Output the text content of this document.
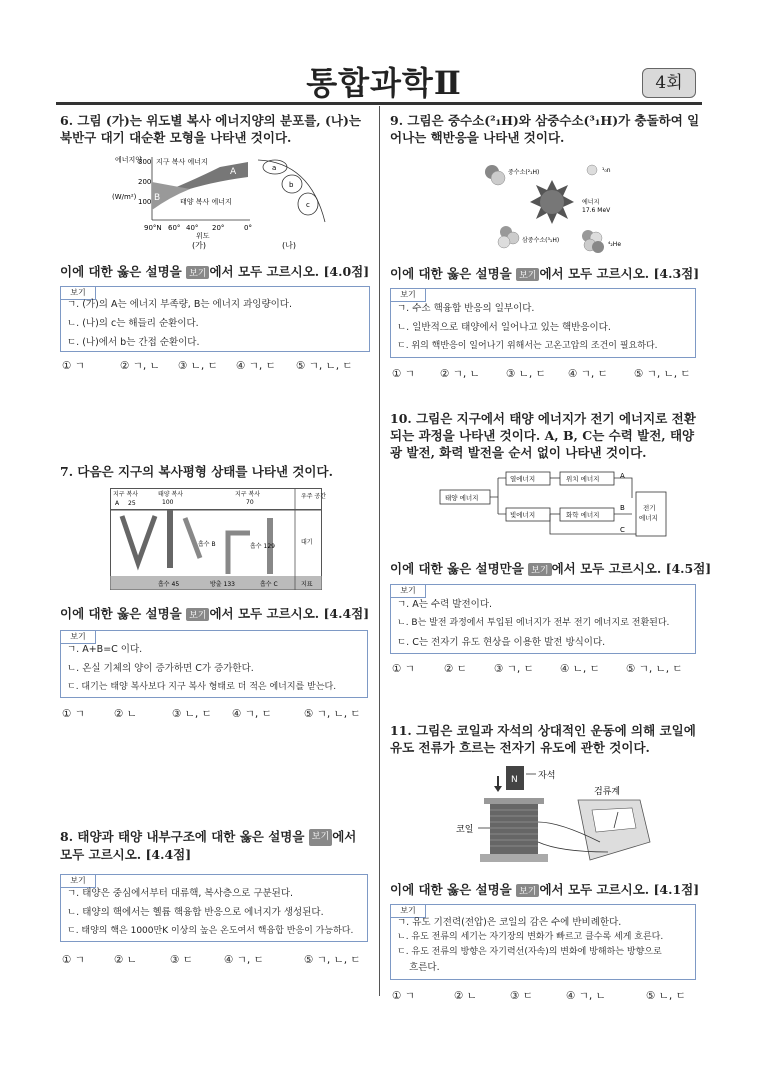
통합과학Ⅱ	4회
6. 그림 (가)는 위도별 복사 에너지양의 분포를, (나)는 북반구 대기 대순환 모형을 나타낸 것이다.
에너지양
(W/m²)
300
200
100
지구 복사 에너지
태양 복사 에너지
A
B
90°N 60° 40° 20°	0°
위도
(가)
a
b
c
(나)
이에 대한 옳은 설명을 보기 에서 모두 고르시오. [4.0점]
보기
ㄱ. (가)의 A는 에너지 부족량, B는 에너지 과잉량이다.
ㄴ. (나)의 c는 해들리 순환이다.
ㄷ. (나)에서 b는 간접 순환이다.
① ㄱ	② ㄱ, ㄴ ③ ㄴ, ㄷ ④ ㄱ, ㄷ ⑤ ㄱ, ㄴ, ㄷ
7. 다음은 지구의 복사평형 상태를 나타낸 것이다.
지구 복사
A 25
태양 복사
100
지구 복사
70
우주 공간
대기
지표
흡수 B	흡수 129
흡수 45	방출 133	흡수 C
이에 대한 옳은 설명을 보기 에서 모두 고르시오. [4.4점]
보기
ㄱ. A+B=C 이다.
ㄴ. 온실 기체의 양이 증가하면 C가 증가한다.
ㄷ. 대기는 태양 복사보다 지구 복사 형태로 더 적은 에너지를 받는다.
① ㄱ	② ㄴ	③ ㄴ, ㄷ ④ ㄱ, ㄷ	⑤ ㄱ, ㄴ, ㄷ
8. 태양과 태양 내부구조에 대한 옳은 설명을 보기 에서 모두 고르시오. [4.4점]
보기
ㄱ. 태양은 중심에서부터 대류핵, 복사층으로 구분된다.
ㄴ. 태양의 핵에서는 헬륨 핵융합 반응으로 에너지가 생성된다.
ㄷ. 태양의 핵은 1000만K 이상의 높은 온도여서 핵융합 반응이 가능하다.
① ㄱ	② ㄴ	③ ㄷ	④ ㄱ, ㄷ	⑤ ㄱ, ㄴ, ㄷ
9. 그림은 중수소(²₁H)와 삼중수소(³₁H)가 충돌하여 일어나는 핵반응을 나타낸 것이다.
중수소(²₁H)	¹₀n
에너지
17.6 MeV
삼중수소(³₁H)
⁴₂He
이에 대한 옳은 설명을 보기 에서 모두 고르시오. [4.3점]
보기
ㄱ. 수소 핵융합 반응의 일부이다.
ㄴ. 일반적으로 태양에서 일어나고 있는 핵반응이다.
ㄷ. 위의 핵반응이 일어나기 위해서는 고온고압의 조건이 필요하다.
① ㄱ ② ㄱ, ㄴ	③ ㄴ, ㄷ ④ ㄱ, ㄷ	⑤ ㄱ, ㄴ, ㄷ
10. 그림은 지구에서 태양 에너지가 전기 에너지로 전환되는 과정을 나타낸 것이다. A, B, C는 수력 발전, 태양광 발전, 화력 발전을 순서 없이 나타낸 것이다.
태양 에너지
열에너지	위치 에너지
빛에너지	화학 에너지
전기
에너지
A
B
C
이에 대한 옳은 설명만을 보기 에서 모두 고르시오. [4.5점]
보기
ㄱ. A는 수력 발전이다.
ㄴ. B는 발전 과정에서 투입된 에너지가 전부 전기 에너지로 전환된다.
ㄷ. C는 전자기 유도 현상을 이용한 발전 방식이다.
① ㄱ	② ㄷ	③ ㄱ, ㄷ	④ ㄴ, ㄷ	⑤ ㄱ, ㄴ, ㄷ
11. 그림은 코일과 자석의 상대적인 운동에 의해 코일에 유도 전류가 흐르는 전자기 유도에 관한 것이다.
N 자석
코일
검류계
이에 대한 옳은 설명을 보기 에서 모두 고르시오. [4.1점]
보기
ㄱ. 유도 기전력(전압)은 코일의 감은 수에 반비례한다.
ㄴ. 유도 전류의 세기는 자기장의 변화가 빠르고 클수록 세게 흐른다.
ㄷ. 유도 전류의 방향은 자기력선(자속)의 변화에 방해하는 방향으로
흐른다.
① ㄱ	② ㄴ	③ ㄷ	④ ㄱ, ㄴ	⑤ ㄴ, ㄷ
